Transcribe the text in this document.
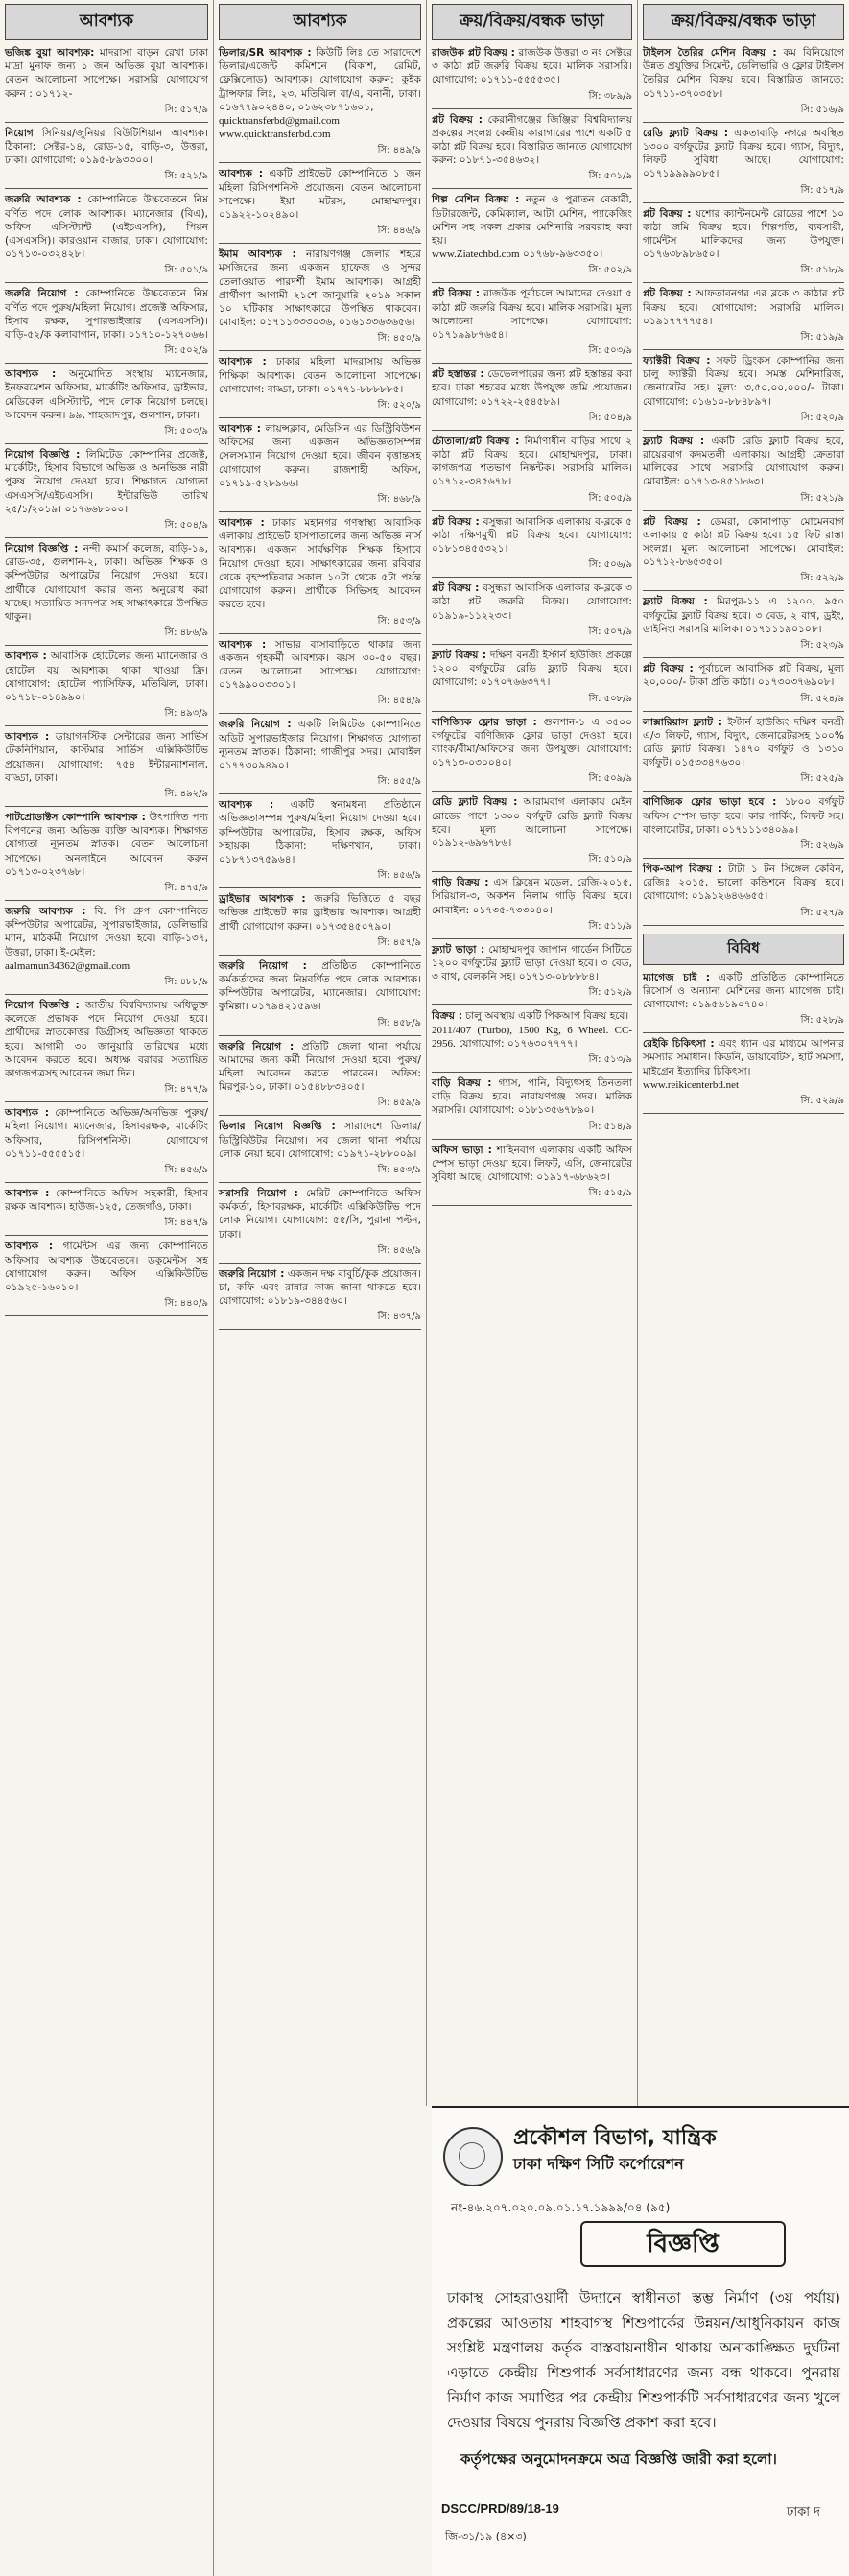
আবশ্যক
ভজিঙ্ক বুয়া আবশ্যক: মাদরাসা বাড়ন রেখা ঢাকা মাদ্রা মুনাফ জন্য ১ জন অভিজ্ঞ বুয়া আবশ্যক। বেতন আলোচনা সাপেক্ষে। সরাসরি যোগাযোগ করুন : ০১৭১২-
সি: ৫১৭/৯
নিয়োগ সিনিয়র/জুনিয়র বিউটিশিয়ান আবশ্যক। ঠিকানা: সেক্টর-১৪, রোড-১৫, বাড়ি-৩, উত্তরা, ঢাকা। যোগাযোগ: ০১৯৫-৮৯৩৩০০।
সি: ৫২১/৯
জরুরি আবশ্যক : কোম্পানিতে উচ্চবেতনে নিম্ন বর্ণিত পদে লোক আবশ্যক। ম্যানেজার (বিএ), অফিস এসিস্ট্যান্ট (এইচএসসি), পিয়ন (এসএসসি)। কারওয়ান বাজার, ঢাকা। যোগাযোগ: ০১৭১৩-০৩২৪২৮।
সি: ৫০১/৯
জরুরি নিয়োগ : কোম্পানিতে উচ্চবেতনে নিম্ন বর্ণিত পদে পুরুষ/মহিলা নিয়োগ। প্রজেক্ট অফিসার, হিসাব রক্ষক, সুপারভাইজার (এসএসসি)। বাড়ি-৫২/ক কলাবাগান, ঢাকা। ০১৭১০-১২৭০৬৬।
সি: ৫০২/৯
আবশ্যক : অনুমোদিত সংস্থায় ম্যানেজার, ইনফরমেশন অফিসার, মার্কেটিং অফিসার, ড্রাইভার, মেডিকেল এসিস্ট্যান্ট, পদে লোক নিয়োগ চলছে। আবেদন করুন। ৯৯, শাহজাদপুর, গুলশান, ঢাকা।
সি: ৫০৩/৯
নিয়োগ বিজ্ঞপ্তি : লিমিটেড কোম্পানির প্রজেক্ট, মার্কেটিং, হিসাব বিভাগে অভিজ্ঞ ও অনভিজ্ঞ নারী পুরুষ নিয়োগ দেওয়া হবে। শিক্ষাগত যোগ্যতা এসএসসি/এইচএসসি। ইন্টারভিউ তারিখ ২৫/১/২০১৯। ০১৭৬৬৮০০০।
সি: ৫০৪/৯
নিয়োগ বিজ্ঞপ্তি : নন্দী কমার্স কলেজ, বাড়ি-১৯, রোড-৩৫, গুলশান-২, ঢাকা। অভিজ্ঞ শিক্ষক ও কম্পিউটার অপারেটর নিয়োগ দেওয়া হবে। প্রার্থীকে যোগাযোগ করার জন্য অনুরোধ করা যাচ্ছে। সত্যায়িত সনদপত্র সহ সাক্ষাৎকারে উপস্থিত থাকুন।
সি: ৪৮৬/৯
আবশ্যক : আবাসিক হোটেলের জন্য ম্যানেজার ও হোটেল বয় আবশ্যক। থাকা খাওয়া ফ্রি। যোগাযোগ: হোটেল প্যাসিফিক, মতিঝিল, ঢাকা। ০১৭১৮-০১৪৯৯০।
সি: ৪৯৩/৯
আবশ্যক : ডায়াগনস্টিক সেন্টারের জন্য সার্ভিস টেকনিশিয়ান, কাস্টমার সার্ভিস এক্সিকিউটিভ প্রয়োজন। যোগাযোগ: ৭৫৪ ইন্টারন্যাশনাল, বাড্ডা, ঢাকা।
সি: ৪৯২/৯
পাটপ্রোডাক্টস কোম্পানি আবশ্যক : উৎপাদিত পণ্য বিপণনের জন্য অভিজ্ঞ ব্যক্তি আবশ্যক। শিক্ষাগত যোগ্যতা ন্যূনতম স্নাতক। বেতন আলোচনা সাপেক্ষে। অনলাইনে আবেদন করুন ০১৭১৩-০২৩৭৬৮।
সি: ৪৭৫/৯
জরুরি আবশ্যক : বি. পি গ্রুপ কোম্পানিতে কম্পিউটার অপারেটর, সুপারভাইজার, ডেলিভারি ম্যান, মাঠকর্মী নিয়োগ দেওয়া হবে। বাড়ি-১৩৭, উত্তরা, ঢাকা। ই-মেইল:
aalmamun34362@gmail.com
সি: ৪৮৮/৯
নিয়োগ বিজ্ঞপ্তি : জাতীয় বিশ্ববিদ্যালয় অধিভুক্ত কলেজে প্রভাষক পদে নিয়োগ দেওয়া হবে। প্রার্থীদের স্নাতকোত্তর ডিগ্রীসহ অভিজ্ঞতা থাকতে হবে। আগামী ৩০ জানুয়ারি তারিখের মধ্যে আবেদন করতে হবে। অধ্যক্ষ বরাবর সত্যায়িত কাগজপত্রসহ আবেদন জমা দিন।
সি: ৪৭৭/৯
আবশ্যক : কোম্পানিতে অভিজ্ঞ/অনভিজ্ঞ পুরুষ/মহিলা নিয়োগ। ম্যানেজার, হিসাবরক্ষক, মার্কেটিং অফিসার, রিসিপশনিস্ট। যোগাযোগ ০১৭১১-৫৫৫৫১৫।
সি: ৪৫৬/৯
আবশ্যক : কোম্পানিতে অফিস সহকারী, হিসাব রক্ষক আবশ্যক। হাউজ-১২৫, তেজগাঁও, ঢাকা।
সি: ৪৪৭/৯
আবশ্যক : গার্মেন্টস এর জন্য কোম্পানিতে অফিসার আবশ্যক উচ্চবেতনে। ডকুমেন্টস সহ যোগাযোগ করুন। অফিস এক্সিকিউটিভ ০১৯২৫-১৬০১০।
সি: ৪৪০/৯
আবশ্যক
ডিলার/SR আবশ্যক : কিউটি লিঃ তে সারাদেশে ডিলার/এজেন্ট কমিশনে (বিকাশ, রেমিট, ফ্লেক্সিলোড) আবশ্যক। যোগাযোগ করুন: কুইক ট্রান্সফার লিঃ, ২৩, মতিঝিল বা/এ, বনানী, ঢাকা। ০১৬৭৭৯০২৪৪০, ০১৬২৩৮৭১৬০১,
quicktransferbd@gmail.com
www.quicktransferbd.com
সি: ৪৪৯/৯
আবশ্যক : একটি প্রাইভেট কোম্পানিতে ১ জন মহিলা রিসিপশনিস্ট প্রয়োজন। বেতন আলোচনা সাপেক্ষে। ইয়া মটরস, মোহাম্মদপুর। ০১৯২২-১০২৪৯০।
সি: ৪৪৬/৯
ইমাম আবশ্যক : নারায়ণগঞ্জ জেলার শহরে মসজিদের জন্য একজন হাফেজ ও সুন্দর তেলাওয়াত পারদর্শী ইমাম আবশ্যক। আগ্রহী প্রার্থীগণ আগামী ২১শে জানুয়ারি ২০১৯ সকাল ১০ ঘটিকায় সাক্ষাৎকারে উপস্থিত থাকবেন। মোবাইল: ০১৭১১৩৩৩০৩৬, ০১৬১৩৩৬৩৬৫৬।
সি: ৪৫০/৯
আবশ্যক : ঢাকার মহিলা মাদরাসায় অভিজ্ঞ শিক্ষিকা আবশ্যক। বেতন আলোচনা সাপেক্ষে। যোগাযোগ: বাড্ডা, ঢাকা। ০১৭৭১-৮৮৮৮৮৫।
সি: ৫২০/৯
আবশ্যক : লায়ন্সক্লাব, মেডিসিন এর ডিস্ট্রিবিউশন অফিসের জন্য একজন অভিজ্ঞতাসম্পন্ন সেলসম্যান নিয়োগ দেওয়া হবে। জীবন বৃত্তান্তসহ যোগাযোগ করুন। রাজশাহী অফিস, ০১৭১৯-৫২৮৯৬৬।
সি: ৪৬৮/৯
আবশ্যক : ঢাকার মহানগর গণস্বাস্থ্য আবাসিক এলাকায় প্রাইভেট হাসপাতালের জন্য অভিজ্ঞ নার্স আবশ্যক। একজন সার্বক্ষণিক শিক্ষক হিসাবে নিয়োগ দেওয়া হবে। সাক্ষাৎকারের জন্য রবিবার থেকে বৃহস্পতিবার সকাল ১০টা থেকে ৫টা পর্যন্ত যোগাযোগ করুন। প্রার্থীকে সিভিসহ আবেদন করতে হবে।
সি: ৪৫৩/৯
আবশ্যক : সাভার বাসাবাড়িতে থাকার জন্য একজন গৃহকর্মী আবশ্যক। বয়স ৩০-৫০ বছর। বেতন আলোচনা সাপেক্ষে। যোগাযোগ: ০১৭৯৯০০৩৩০১।
সি: ৪৫৪/৯
জরুরি নিয়োগ : একটি লিমিটেড কোম্পানিতে অডিট সুপারভাইজার নিয়োগ। শিক্ষাগত যোগ্যতা ন্যূনতম স্নাতক। ঠিকানা: গাজীপুর সদর। মোবাইল ০১৭৭৩০৯৪৯০।
সি: ৪৫৫/৯
আবশ্যক : একটি স্বনামধন্য প্রতিষ্ঠানে অভিজ্ঞতাসম্পন্ন পুরুষ/মহিলা নিয়োগ দেওয়া হবে। কম্পিউটার অপারেটর, হিসাব রক্ষক, অফিস সহায়ক। ঠিকানা: দক্ষিণখান, ঢাকা। ০১৮৭১৩৭৫৯৬৪।
সি: ৪৫৬/৯
ড্রাইভার আবশ্যক : জরুরি ভিত্তিতে ৫ বছর অভিজ্ঞ প্রাইভেট কার ড্রাইভার আবশ্যক। আগ্রহী প্রার্থী যোগাযোগ করুন। ০১৭৩৫৪৫০৭৯০।
সি: ৪৫৭/৯
জরুরি নিয়োগ : প্রতিষ্ঠিত কোম্পানিতে কর্মকর্তাদের জন্য নিম্নবর্ণিত পদে লোক আবশ্যক। কম্পিউটার অপারেটর, ম্যানেজার। যোগাযোগ: কুমিল্লা। ০১৭৯৪২১৫৯৬।
সি: ৪৫৮/৯
জরুরি নিয়োগ : প্রতিটি জেলা থানা পর্যায়ে আমাদের জন্য কর্মী নিয়োগ দেওয়া হবে। পুরুষ/মহিলা আবেদন করতে পারবেন। অফিস: মিরপুর-১০, ঢাকা। ০১৫৪৮৮৩৪০৫।
সি: ৪৫৯/৯
ডিলার নিয়োগ বিজ্ঞপ্তি : সারাদেশে ডিলার/ডিস্ট্রিবিউটর নিয়োগ। সব জেলা থানা পর্যায়ে লোক নেয়া হবে। যোগাযোগ: ০১৯৭১-২৮৮০০৯।
সি: ৪৫৩/৯
সরাসরি নিয়োগ : মেরিট কোম্পানিতে অফিস কর্মকর্তা, হিসাবরক্ষক, মার্কেটিং এক্সিকিউটিভ পদে লোক নিয়োগ। যোগাযোগ: ৫৫/সি, পুরানা পল্টন, ঢাকা।
সি: ৪৫৬/৯
জরুরি নিয়োগ : একজন দক্ষ বাবুর্চি/কুক প্রয়োজন। চা, কফি এবং রান্নার কাজ জানা থাকতে হবে। যোগাযোগ: ০১৮১৯-৩৪৪৫৬০।
সি: ৪৩৭/৯
ক্রয়/বিক্রয়/বন্ধক ভাড়া
রাজউক প্লট বিক্রয় : রাজউক উত্তরা ৩ নং সেক্টরে ৩ কাঠা প্লট জরুরি বিক্রয় হবে। মালিক সরাসরি। যোগাযোগ: ০১৭১১-৫৫৫৫৩৫।
সি: ৩৮৯/৯
প্লট বিক্রয় : কেরানীগঞ্জের জিঞ্জিরা বিশ্ববিদ্যালয় প্রকল্পের সংলগ্ন কেন্দ্রীয় কারাগারের পাশে একটি ৫ কাঠা প্লট বিক্রয় হবে। বিস্তারিত জানতে যোগাযোগ করুন: ০১৮৭১-৩৫৪৬৩২।
সি: ৫০১/৯
শিল্প মেশিন বিক্রয় : নতুন ও পুরাতন বেকারী, ডিটারজেন্ট, কেমিক্যাল, আটা মেশিন, প্যাকেজিং মেশিন সহ সকল প্রকার মেশিনারি সরবরাহ করা হয়।
www.Ziatechbd.com ০১৭৬৮-৯৬৩৩৫০।
সি: ৫০২/৯
প্লট বিক্রয় : রাজউক পূর্বাচলে আমাদের দেওয়া ৫ কাঠা প্লট জরুরি বিক্রয় হবে। মালিক সরাসরি। মূল্য আলোচনা সাপেক্ষে। যোগাযোগ: ০১৭১৯৯৮৭৬৫৪।
সি: ৫০৩/৯
প্লট হস্তান্তর : ডেভেলপারের জন্য প্লট হস্তান্তর করা হবে। ঢাকা শহরের মধ্যে উপযুক্ত জমি প্রয়োজন। যোগাযোগ: ০১৭২২-২৫৪৫৮৯।
সি: ৫০৪/৯
চৌতালা/প্লট বিক্রয় : নির্মাণাধীন বাড়ির সাথে ২ কাঠা প্লট বিক্রয় হবে। মোহাম্মদপুর, ঢাকা। কাগজপত্র শতভাগ নিষ্কন্টক। সরাসরি মালিক। ০১৭১২-৩৪৫৬৭৮।
সি: ৫০৫/৯
প্লট বিক্রয় : বসুন্ধরা আবাসিক এলাকায় ব-ব্লকে ৫ কাঠা দক্ষিণমুখী প্লট বিক্রয় হবে। যোগাযোগ: ০১৮১৩৪৫৫৩২১।
সি: ৫০৬/৯
প্লট বিক্রয় : বসুন্ধরা আবাসিক এলাকার ক-ব্লকে ৩ কাঠা প্লট জরুরি বিক্রয়। যোগাযোগ: ০১৯১৯-১১২২৩৩।
সি: ৫০৭/৯
ফ্ল্যাট বিক্রয় : দক্ষিণ বনশ্রী ইস্টার্ন হাউজিং প্রকল্পে ১২০০ বর্গফুটের রেডি ফ্ল্যাট বিক্রয় হবে। যোগাযোগ: ০১৭০৭৬৬৩৭৭।
সি: ৫০৮/৯
বাণিজ্যিক ফ্লোর ভাড়া : গুলশান-১ এ ৩৫০০ বর্গফুটের বাণিজ্যিক ফ্লোর ভাড়া দেওয়া হবে। ব্যাংক/বীমা/অফিসের জন্য উপযুক্ত। যোগাযোগ: ০১৭১৩-০৩০০৪০।
সি: ৫০৯/৯
রেডি ফ্ল্যাট বিক্রয় : আরামবাগ এলাকায় মেইন রোডের পাশে ১৩০০ বর্গফুট রেডি ফ্ল্যাট বিক্রয় হবে। মূল্য আলোচনা সাপেক্ষে। ০১৯১২-৬৯৬৭৮৬।
সি: ৫১০/৯
গাড়ি বিক্রয় : এস ক্লিয়েন মডেল, রেজি-২০১৫, সিরিয়াল-৩, অকশন নিলাম গাড়ি বিক্রয় হবে। মোবাইল: ০১৭৩৫-৭৩৩০৪০।
সি: ৫১১/৯
ফ্ল্যাট ভাড়া : মোহাম্মদপুর জাপান গার্ডেন সিটিতে ১২০০ বর্গফুটের ফ্ল্যাট ভাড়া দেওয়া হবে। ৩ বেড, ৩ বাথ, বেলকনি সহ। ০১৭১৩-০৮৮৮৮৪।
সি: ৫১২/৯
বিক্রয় : চালু অবস্থায় একটি পিকআপ বিক্রয় হবে।
2011/407 (Turbo), 1500 Kg, 6 Wheel. CC-2956. যোগাযোগ: ০১৭৬৩০৭৭৭৭।
সি: ৫১৩/৯
বাড়ি বিক্রয় : গ্যাস, পানি, বিদ্যুৎসহ তিনতলা বাড়ি বিক্রয় হবে। নারায়ণগঞ্জ সদর। মালিক সরাসরি। যোগাযোগ: ০১৮১৩৫৬৭৮৯০।
সি: ৫১৪/৯
অফিস ভাড়া : শাহিনবাগ এলাকায় একটি অফিস স্পেস ভাড়া দেওয়া হবে। লিফট, এসি, জেনারেটর সুবিধা আছে। যোগাযোগ: ০১৯১৭-৬৮৬২৩।
সি: ৫১৫/৯
ক্রয়/বিক্রয়/বন্ধক ভাড়া
টাইলস তৈরির মেশিন বিক্রয় : কম বিনিয়োগে উন্নত প্রযুক্তির সিমেন্ট, ডেলিভারি ও ফ্লোর টাইলস তৈরির মেশিন বিক্রয় হবে। বিস্তারিত জানতে: ০১৭১১-৩৭০৩৫৮।
সি: ৫১৬/৯
রেডি ফ্ল্যাট বিক্রয় : একতাবাড়ি নগরে অবস্থিত ১৩০০ বর্গফুটের ফ্ল্যাট বিক্রয় হবে। গ্যাস, বিদ্যুৎ, লিফট সুবিধা আছে। যোগাযোগ: ০১৭১৯৯৯৯০৮৫।
সি: ৫১৭/৯
প্লট বিক্রয় : যশোর ক্যান্টনমেন্ট রোডের পাশে ১০ কাঠা জমি বিক্রয় হবে। শিল্পপতি, ব্যবসায়ী, গার্মেন্টস মালিকদের জন্য উপযুক্ত। ০১৭৬৩৮৯৮৬৫০।
সি: ৫১৮/৯
প্লট বিক্রয় : আফতাবনগর এর ব্লকে ৩ কাঠার প্লট বিক্রয় হবে। যোগাযোগ: সরাসরি মালিক। ০১৯১৭৭৭৭৫৪।
সি: ৫১৯/৯
ফ্যাক্টরী বিক্রয় : সফট ড্রিংকস কোম্পানির জন্য চালু ফ্যাক্টরী বিক্রয় হবে। সমস্ত মেশিনারিজ, জেনারেটর সহ। মূল্য: ৩,৫০,০০,০০০/- টাকা। যোগাযোগ: ০১৬১০-৮৮৪৮৯৭।
সি: ৫২০/৯
ফ্ল্যাট বিক্রয় : একটি রেডি ফ্ল্যাট বিক্রয় হবে, রায়েরবাগ কদমতলী এলাকায়। আগ্রহী ক্রেতারা মালিকের সাথে সরাসরি যোগাযোগ করুন। মোবাইল: ০১৭১৩-৪৫১৮৬৩।
সি: ৫২১/৯
প্লট বিক্রয় : ডেমরা, কোনাপাড়া মোমেনবাগ এলাকায় ৫ কাঠা প্লট বিক্রয় হবে। ১৫ ফিট রাস্তা সংলগ্ন। মূল্য আলোচনা সাপেক্ষে। মোবাইল: ০১৭১২-৮৬৫৩৫০।
সি: ৫২২/৯
ফ্ল্যাট বিক্রয় : মিরপুর-১১ এ ১২০০, ৯৫০ বর্গফুটের ফ্ল্যাট বিক্রয় হবে। ৩ বেড, ২ বাথ, ড্রইং, ডাইনিং। সরাসরি মালিক। ০১৭১১১৯০১০৮।
সি: ৫২৩/৯
প্লট বিক্রয় : পূর্বাচলে আবাসিক প্লট বিক্রয়, মূল্য ২০,০০০/- টাকা প্রতি কাঠা। ০১৭৩০৩৭৬৯০৮।
সি: ৫২৪/৯
লাক্সারিয়াস ফ্ল্যাট : ইস্টার্ন হাউজিং দক্ষিণ বনশ্রী এ/৩ লিফট, গ্যাস, বিদ্যুৎ, জেনারেটরসহ ১০০% রেডি ফ্ল্যাট বিক্রয়। ১৪৭০ বর্গফুট ও ১৩১০ বর্গফুট। ০১৫৩৩৪৭৬৩০।
সি: ৫২৫/৯
বাণিজ্যিক ফ্লোর ভাড়া হবে : ১৮০০ বর্গফুট অফিস স্পেস ভাড়া হবে। কার পার্কিং, লিফট সহ। বাংলামোটর, ঢাকা। ০১৭১১১৩৪০৯৯।
সি: ৫২৬/৯
পিক-আপ বিক্রয় : টাটা ১ টন সিঙ্গেল কেবিন, রেজিঃ ২০১৫, ভালো কন্ডিশনে বিক্রয় হবে। যোগাযোগ: ০১৯১২৬৪৬৬৫৫।
সি: ৫২৭/৯
বিবিধ
ম্যাগেজ চাই : একটি প্রতিষ্ঠিত কোম্পানিতে রিসোর্স ও অন্যান্য মেশিনের জন্য ম্যাগেজ চাই। যোগাযোগ: ০১৯৫৬১৯০৭৪০।
সি: ৫২৮/৯
রেইকি চিকিৎসা : এবং ধ্যান এর মাধ্যমে আপনার সমস্যার সমাধান। কিডনি, ডায়াবেটিস, হার্ট সমস্যা, মাইগ্রেন ইত্যাদির চিকিৎসা।
www.reikicenterbd.net
সি: ৫২৯/৯
প্রকৌশল বিভাগ, যান্ত্রিক
ঢাকা দক্ষিণ সিটি কর্পোরেশন
নং-৪৬.২০৭.০২০.০৯.০১.১৭.১৯৯৯/০৪ (৯৫)
বিজ্ঞপ্তি
ঢাকাস্থ সোহরাওয়ার্দী উদ্যানে স্বাধীনতা স্তম্ভ নির্মাণ (৩য় পর্যায়) প্রকল্পের আওতায় শাহবাগস্থ শিশুপার্কের উন্নয়ন/আধুনিকায়ন কাজ সংশ্লিষ্ট মন্ত্রণালয় কর্তৃক বাস্তবায়নাধীন থাকায় অনাকাঙ্ক্ষিত দুর্ঘটনা এড়াতে কেন্দ্রীয় শিশুপার্ক সর্বসাধারণের জন্য বন্ধ থাকবে। পুনরায় নির্মাণ কাজ সমাপ্তির পর কেন্দ্রীয় শিশুপার্কটি সর্বসাধারণের জন্য খুলে দেওয়ার বিষয়ে পুনরায় বিজ্ঞপ্তি প্রকাশ করা হবে।
কর্তৃপক্ষের অনুমোদনক্রমে অত্র বিজ্ঞপ্তি জারী করা হলো।
DSCC/PRD/89/18-19	ঢাকা দ
জি-৩১/১৯ (৪×৩)
